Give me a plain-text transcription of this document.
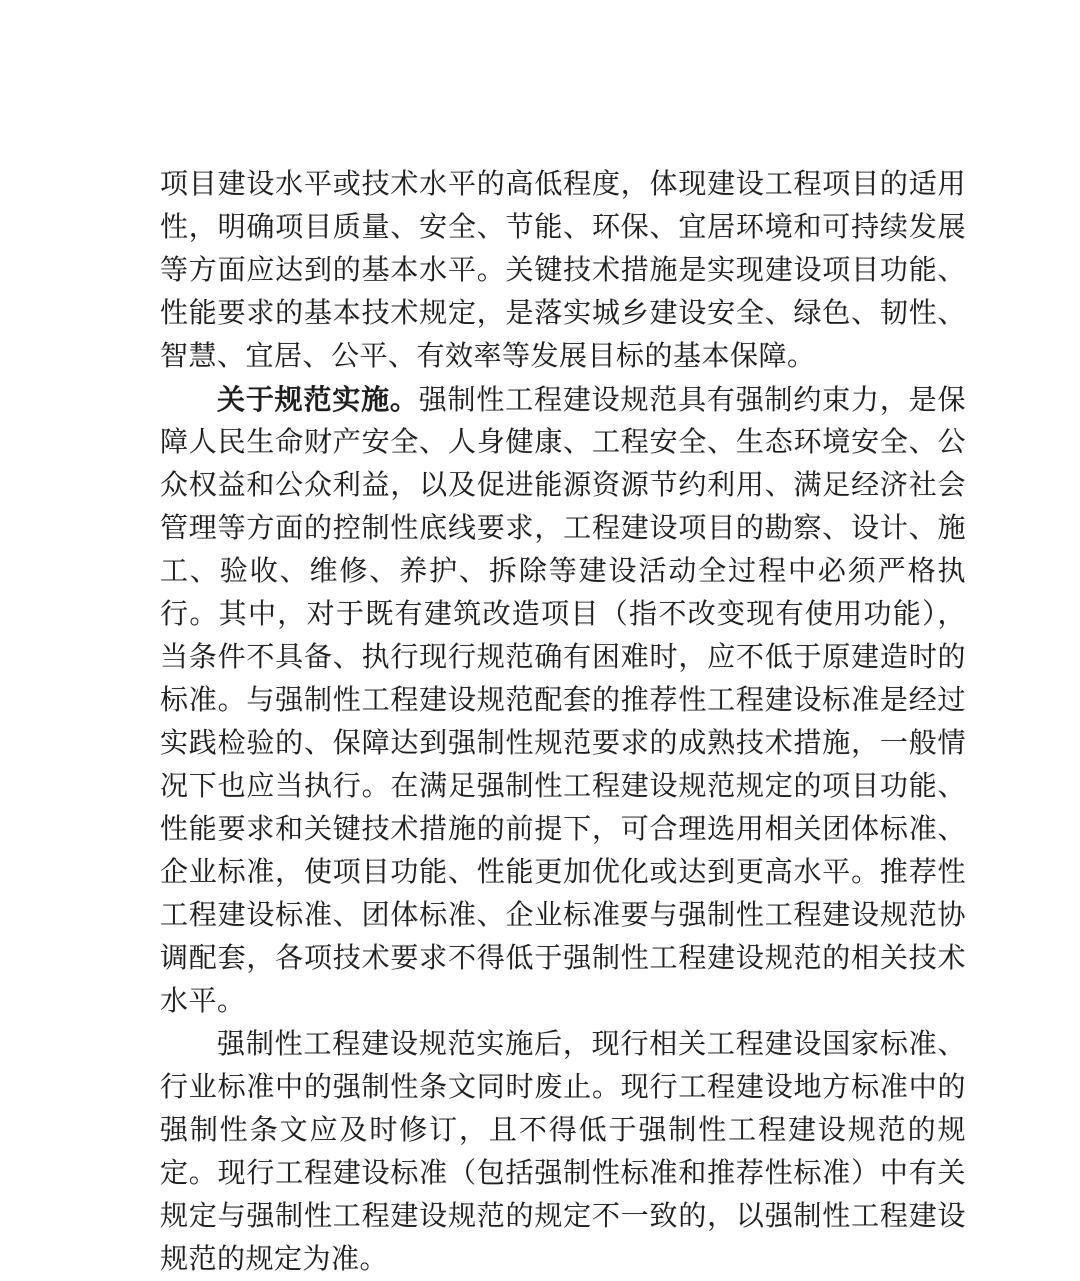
项目建设水平或技术水平的高低程度，体现建设工程项目的适用
性，明确项目质量、安全、节能、环保、宜居环境和可持续发展
等方面应达到的基本水平。关键技术措施是实现建设项目功能、
性能要求的基本技术规定，是落实城乡建设安全、绿色、韧性、
智慧、宜居、公平、有效率等发展目标的基本保障。
关于规范实施。强制性工程建设规范具有强制约束力，是保
障人民生命财产安全、人身健康、工程安全、生态环境安全、公
众权益和公众利益，以及促进能源资源节约利用、满足经济社会
管理等方面的控制性底线要求，工程建设项目的勘察、设计、施
工、验收、维修、养护、拆除等建设活动全过程中必须严格执
行。其中，对于既有建筑改造项目（指不改变现有使用功能），
当条件不具备、执行现行规范确有困难时，应不低于原建造时的
标准。与强制性工程建设规范配套的推荐性工程建设标准是经过
实践检验的、保障达到强制性规范要求的成熟技术措施，一般情
况下也应当执行。在满足强制性工程建设规范规定的项目功能、
性能要求和关键技术措施的前提下，可合理选用相关团体标准、
企业标准，使项目功能、性能更加优化或达到更高水平。推荐性
工程建设标准、团体标准、企业标准要与强制性工程建设规范协
调配套，各项技术要求不得低于强制性工程建设规范的相关技术
水平。
强制性工程建设规范实施后，现行相关工程建设国家标准、
行业标准中的强制性条文同时废止。现行工程建设地方标准中的
强制性条文应及时修订，且不得低于强制性工程建设规范的规
定。现行工程建设标准（包括强制性标准和推荐性标准）中有关
规定与强制性工程建设规范的规定不一致的，以强制性工程建设
规范的规定为准。
